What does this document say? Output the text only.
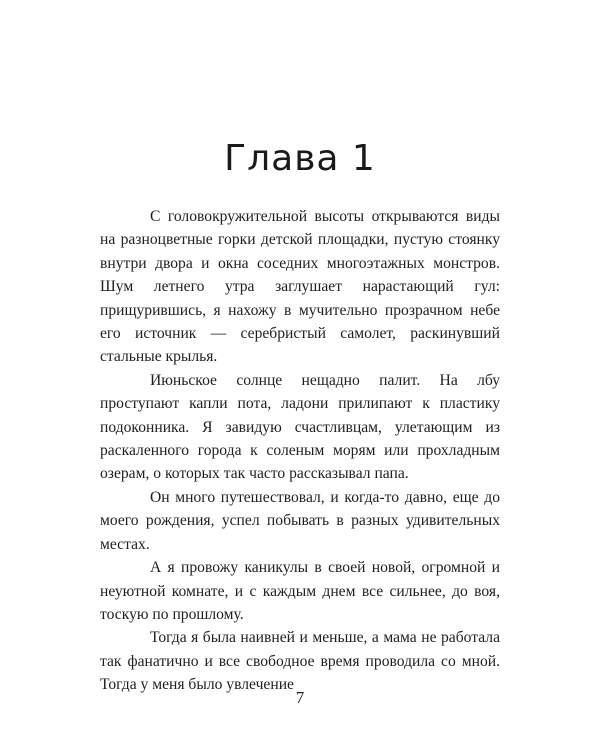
Глава 1

С головокружительной высоты открываются виды на разноцветные горки детской площадки, пустую стоянку внутри двора и окна соседних многоэтажных монстров. Шум летнего утра заглушает нарастающий гул: прищурившись, я нахожу в мучительно прозрачном небе его источник — серебристый самолет, раскинувший стальные крылья.

Июньское солнце нещадно палит. На лбу проступают капли пота, ладони прилипают к пластику подоконника. Я завидую счастливцам, улетающим из раскаленного города к соленым морям или прохладным озерам, о которых так часто рассказывал папа.

Он много путешествовал, и когда-то давно, еще до моего рождения, успел побывать в разных удивительных местах.

А я провожу каникулы в своей новой, огромной и неуютной комнате, и с каждым днем все сильнее, до воя, тоскую по прошлому.

Тогда я была наивней и меньше, а мама не работала так фанатично и все свободное время проводила со мной. Тогда у меня было увлечение

7
